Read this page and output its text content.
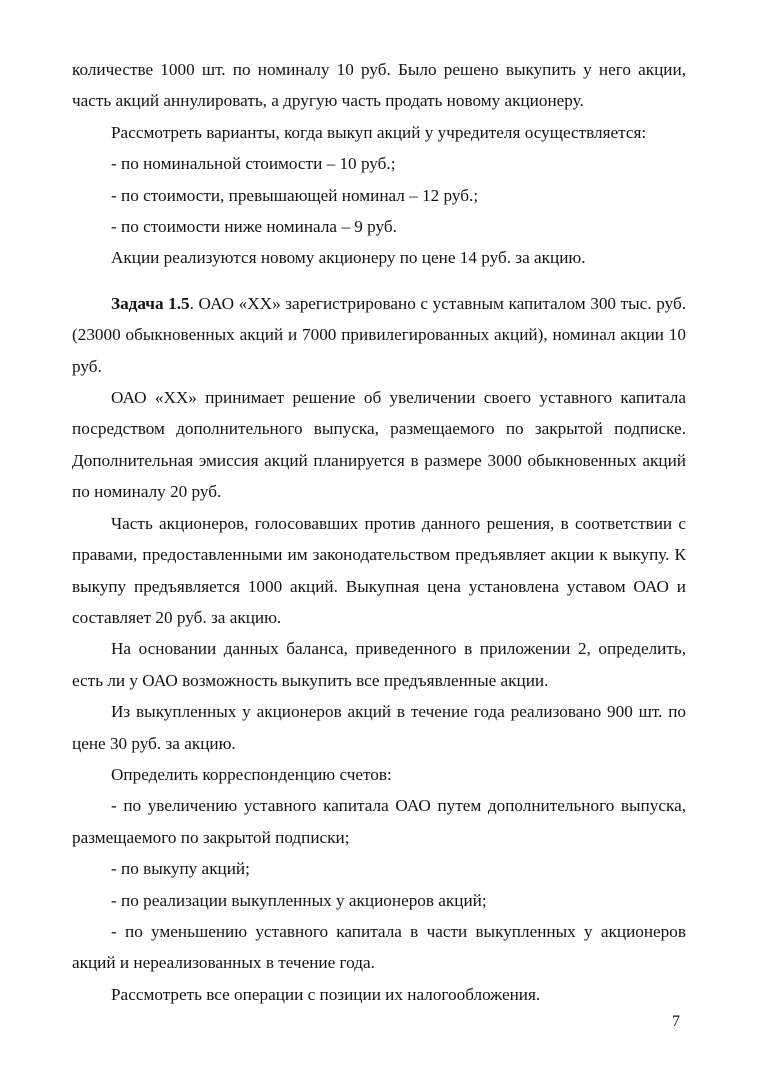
количестве 1000 шт. по номиналу 10 руб. Было решено выкупить у него акции, часть акций аннулировать, а другую часть продать новому акционеру.

Рассмотреть варианты, когда выкуп акций у учредителя осуществляется:

- по номинальной стоимости – 10 руб.;

- по стоимости, превышающей номинал – 12 руб.;

- по стоимости ниже номинала – 9 руб.

Акции реализуются новому акционеру по цене 14 руб. за акцию.

Задача 1.5. ОАО «ХХ» зарегистрировано с уставным капиталом 300 тыс. руб. (23000 обыкновенных акций и 7000 привилегированных акций), номинал акции 10 руб.

ОАО «ХХ» принимает решение об увеличении своего уставного капитала посредством дополнительного выпуска, размещаемого по закрытой подписке. Дополнительная эмиссия акций планируется в размере 3000 обыкновенных акций по номиналу 20 руб.

Часть акционеров, голосовавших против данного решения, в соответствии с правами, предоставленными им законодательством предъявляет акции к выкупу. К выкупу предъявляется 1000 акций. Выкупная цена установлена уставом ОАО и составляет 20 руб. за акцию.

На основании данных баланса, приведенного в приложении 2, определить, есть ли у ОАО возможность выкупить все предъявленные акции.

Из выкупленных у акционеров акций в течение года реализовано 900 шт. по цене 30 руб. за акцию.

Определить корреспонденцию счетов:

- по увеличению уставного капитала ОАО путем дополнительного выпуска, размещаемого по закрытой подписки;

- по выкупу акций;

- по реализации выкупленных у акционеров акций;

- по уменьшению уставного капитала в части выкупленных у акционеров акций и нереализованных в течение года.

Рассмотреть все операции с позиции их налогообложения.

7
